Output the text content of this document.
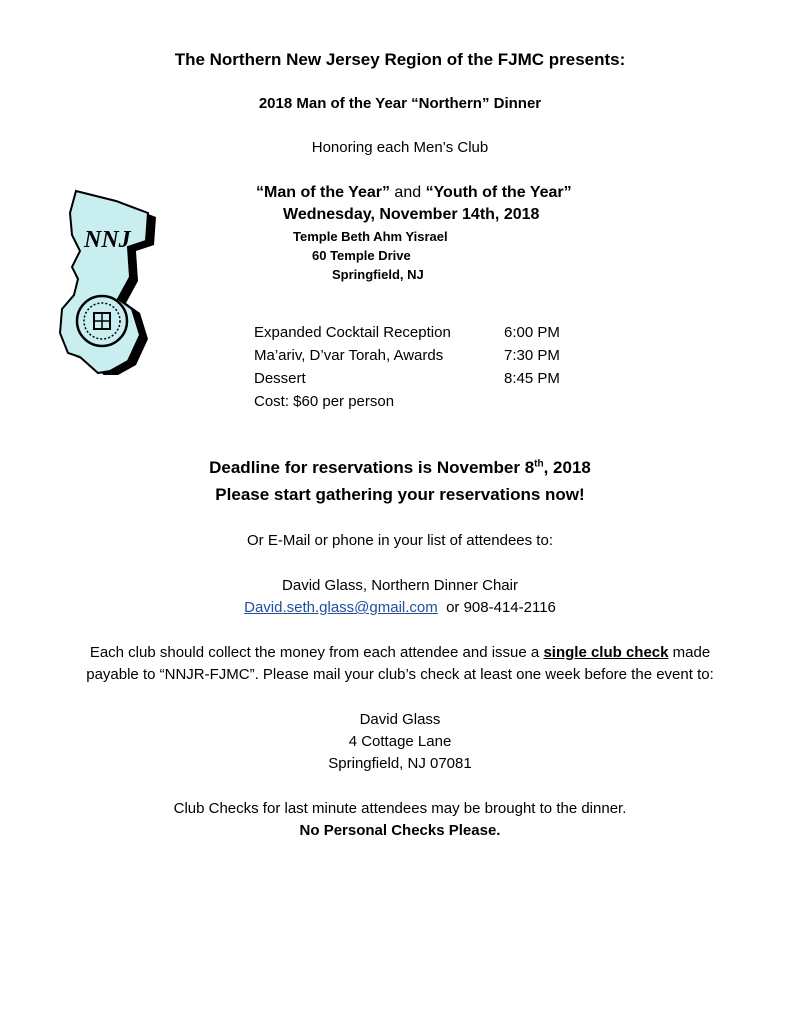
The Northern New Jersey Region of the FJMC presents:
2018 Man of the Year “Northern” Dinner
Honoring each Men’s Club
“Man of the Year” and “Youth of the Year”
Wednesday, November 14th, 2018
Temple Beth Ahm Yisrael
60 Temple Drive
Springfield, NJ
NNJ
Expanded Cocktail Reception	6:00 PM
Ma’ariv, D’var Torah, Awards	7:30 PM
Dessert	8:45 PM
Cost: $60 per person
Deadline for reservations is November 8th, 2018
Please start gathering your reservations now!
Or E-Mail or phone in your list of attendees to:
David Glass, Northern Dinner Chair
David.seth.glass@gmail.com  or 908-414-2116
Each club should collect the money from each attendee and issue a single club check made
payable to “NNJR-FJMC”. Please mail your club’s check at least one week before the event to:
David Glass
4 Cottage Lane
Springfield, NJ 07081
Club Checks for last minute attendees may be brought to the dinner.
No Personal Checks Please.
